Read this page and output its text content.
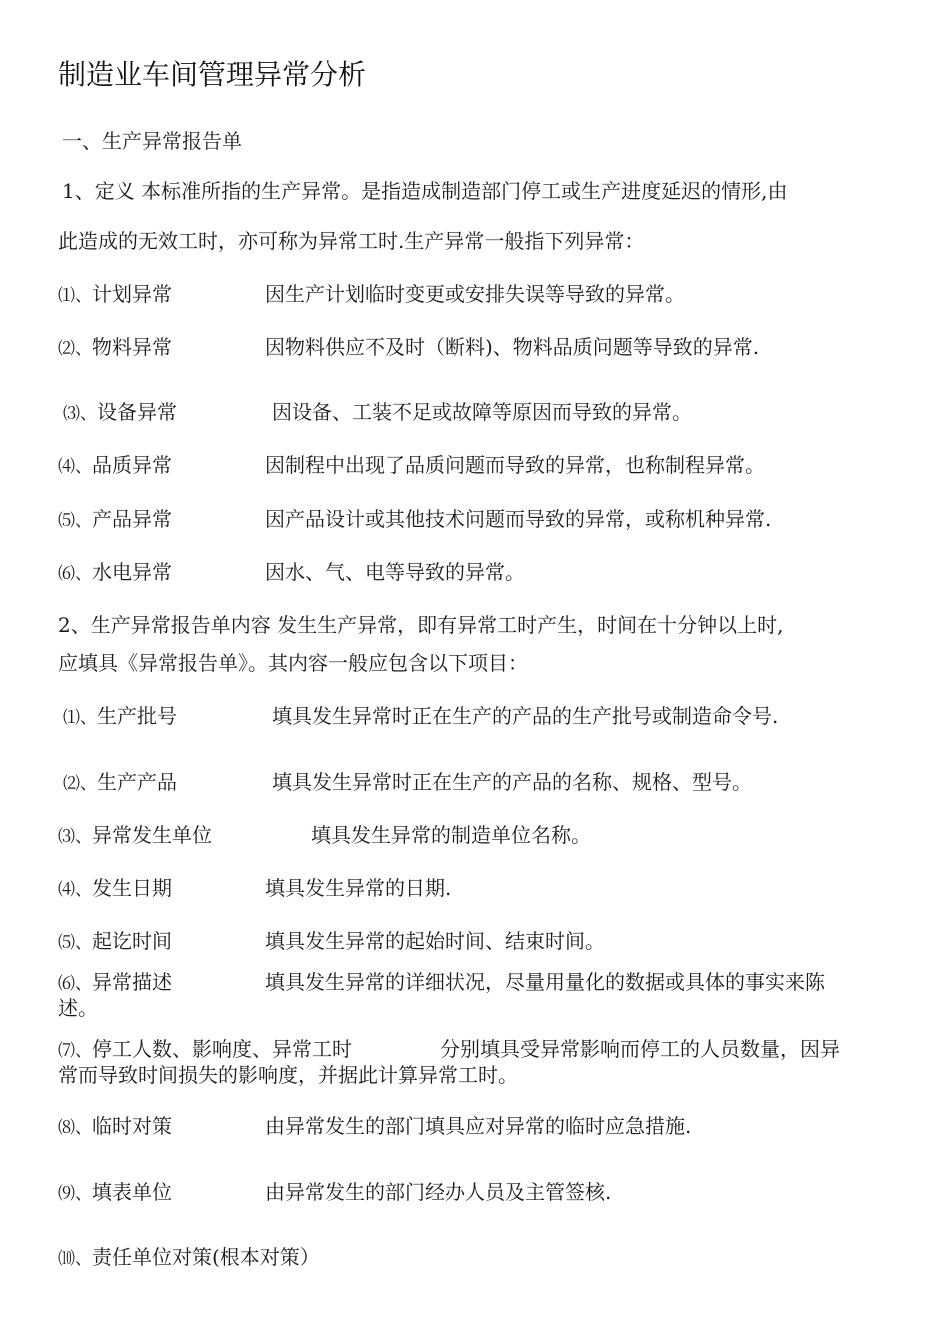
制造业车间管理异常分析
一、生产异常报告单
1、定义 本标准所指的生产异常。是指造成制造部门停工或生产进度延迟的情形,由
此造成的无效工时，亦可称为异常工时.生产异常一般指下列异常：
⑴、计划异常	因生产计划临时变更或安排失误等导致的异常。
⑵、物料异常	因物料供应不及时（断料)、物料品质问题等导致的异常.
⑶、设备异常	因设备、工装不足或故障等原因而导致的异常。
⑷、品质异常	因制程中出现了品质问题而导致的异常，也称制程异常。
⑸、产品异常	因产品设计或其他技术问题而导致的异常，或称机种异常.
⑹、水电异常	因水、气、电等导致的异常。
2、生产异常报告单内容 发生生产异常，即有异常工时产生，时间在十分钟以上时,
应填具《异常报告单》。其内容一般应包含以下项目：
⑴、生产批号	填具发生异常时正在生产的产品的生产批号或制造命令号.
⑵、生产产品	填具发生异常时正在生产的产品的名称、规格、型号。
⑶、异常发生单位	填具发生异常的制造单位名称。
⑷、发生日期	填具发生异常的日期.
⑸、起讫时间	填具发生异常的起始时间、结束时间。
⑹、异常描述	填具发生异常的详细状况，尽量用量化的数据或具体的事实来陈
述。
⑺、停工人数、影响度、异常工时	分别填具受异常影响而停工的人员数量，因异
常而导致时间损失的影响度，并据此计算异常工时。
⑻、临时对策	由异常发生的部门填具应对异常的临时应急措施.
⑼、填表单位	由异常发生的部门经办人员及主管签核.
⑽、责任单位对策(根本对策）
